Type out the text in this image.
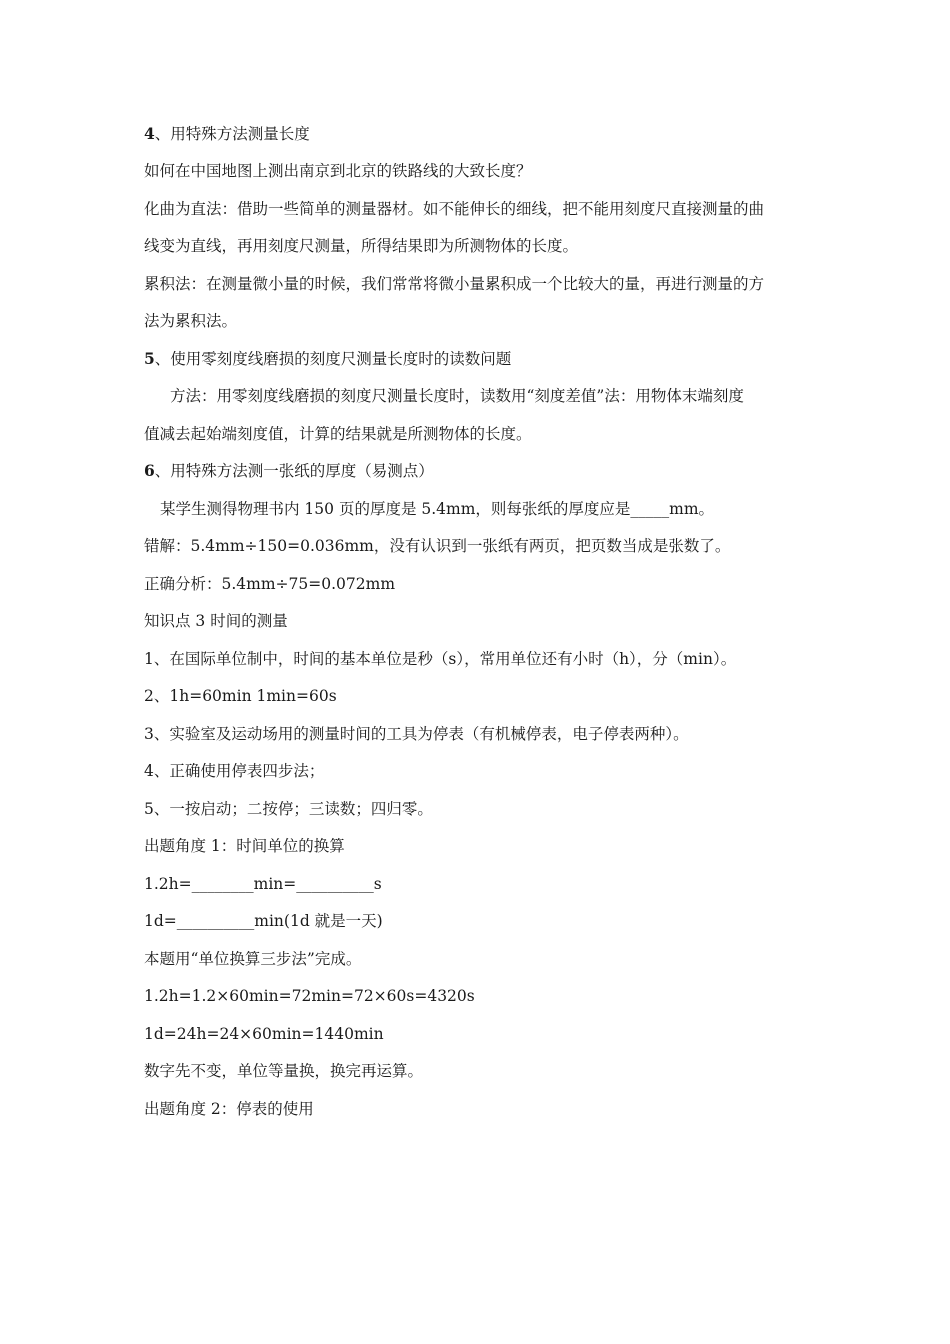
4、用特殊方法测量长度
如何在中国地图上测出南京到北京的铁路线的大致长度？
化曲为直法：借助一些简单的测量器材。如不能伸长的细线，把不能用刻度尺直接测量的曲
线变为直线，再用刻度尺测量，所得结果即为所测物体的长度。
累积法：在测量微小量的时候，我们常常将微小量累积成一个比较大的量，再进行测量的方
法为累积法。
5、使用零刻度线磨损的刻度尺测量长度时的读数问题
方法：用零刻度线磨损的刻度尺测量长度时，读数用“刻度差值”法：用物体末端刻度
值减去起始端刻度值，计算的结果就是所测物体的长度。
6、用特殊方法测一张纸的厚度（易测点）
某学生测得物理书内 150 页的厚度是 5.4mm，则每张纸的厚度应是_____mm。
错解：5.4mm÷150=0.036mm，没有认识到一张纸有两页，把页数当成是张数了。
正确分析：5.4mm÷75=0.072mm
知识点 3 时间的测量
1、在国际单位制中，时间的基本单位是秒（s），常用单位还有小时（h），分（min）。
2、1h=60min 1min=60s
3、实验室及运动场用的测量时间的工具为停表（有机械停表，电子停表两种）。
4、正确使用停表四步法；
5、一按启动；二按停；三读数；四归零。
出题角度 1：时间单位的换算
1.2h=________min=__________s
1d=__________min(1d 就是一天)
本题用“单位换算三步法”完成。
1.2h=1.2×60min=72min=72×60s=4320s
1d=24h=24×60min=1440min
数字先不变，单位等量换，换完再运算。
出题角度 2：停表的使用
